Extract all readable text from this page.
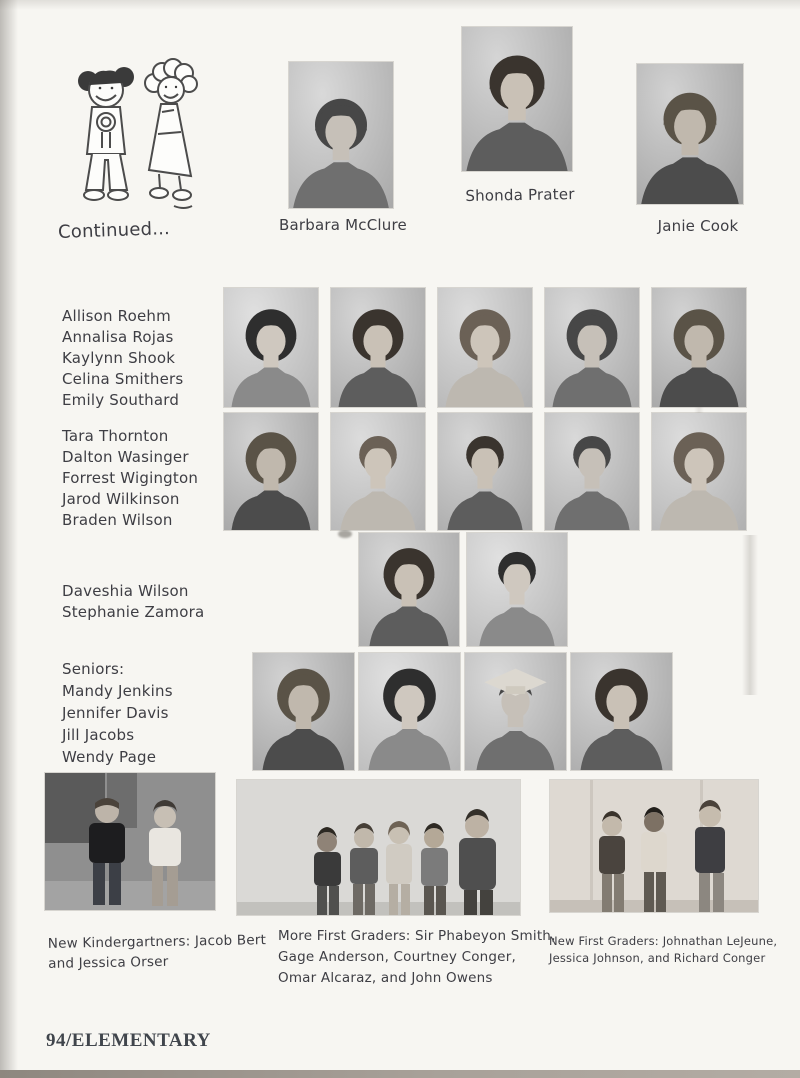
Continued...	Barbara McClure
Shonda Prater
Janie Cook
Allison Roehm
Annalisa Rojas
Kaylynn Shook
Celina Smithers
Emily Southard
Tara Thornton
Dalton Wasinger
Forrest Wigington
Jarod Wilkinson
Braden Wilson
Daveshia Wilson
Stephanie Zamora
Seniors:
Mandy Jenkins
Jennifer Davis
Jill Jacobs
Wendy Page
New Kindergartners: Jacob Bert
and Jessica Orser
More First Graders: Sir Phabeyon Smith,
Gage Anderson, Courtney Conger,
Omar Alcaraz, and John Owens
New First Graders: Johnathan LeJeune,
Jessica Johnson, and Richard Conger
94/ELEMENTARY
